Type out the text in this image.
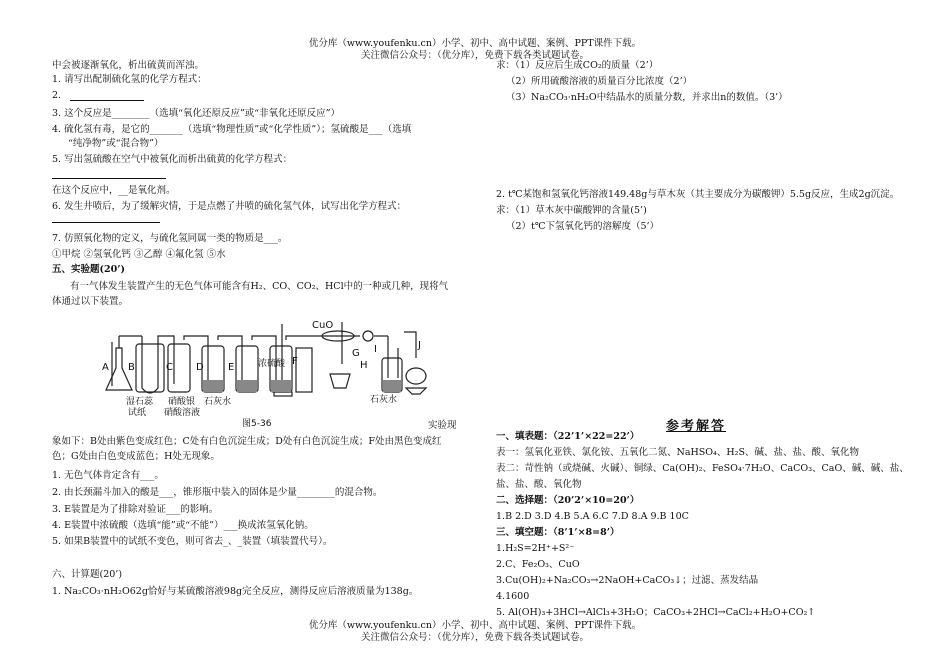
优分库（www.youfenku.cn）小学、初中、高中试题、案例、PPT课件下载。
关注微信公众号：（优分库），免费下载各类试题试卷。
中会被逐渐氧化，析出硫黄而浑浊。
1. 请写出配制硫化氢的化学方程式：
2.
3. 这个反应是________（选填“氧化还原反应”或“非氧化还原反应”）
4. 硫化氢有毒，是它的_______（选填“物理性质”或“化学性质”）；氢硫酸是___（选填
“纯净物”或“混合物”）
5. 写出氢硫酸在空气中被氧化而析出硫黄的化学方程式：
在这个反应中，__是氧化剂。
6. 发生井喷后，为了缓解灾情，于是点燃了井喷的硫化氢气体，试写出化学方程式：
7. 仿照氧化物的定义，与硫化氢同属一类的物质是___。
①甲烷 ②氢氧化钙 ③乙醇 ④氟化氢 ⑤水
五、实验题(20’)
有一气体发生装置产生的无色气体可能含有H₂、CO、CO₂、HCl中的一种或几种，现将气
体通过以下装置。
A B	C D E
F
G
H
I	J
CuO
浓硫酸
湿石蕊
试纸
硝酸银
硝酸溶液
石灰水	石灰水
图5-36	实验现
象如下：B处由紫色变成红色；C处有白色沉淀生成；D处有白色沉淀生成；F处由黑色变成红
色；G处由白色变成蓝色；H处无现象。
1. 无色气体肯定含有___。
2. 由长颈漏斗加入的酸是___，锥形瓶中装入的固体是少量________的混合物。
3. E装置是为了排除对验证___的影响。
4. E装置中浓硫酸（选填“能”或“不能”）___换成浓氢氧化钠。
5. 如果B装置中的试纸不变色，则可省去_、_装置（填装置代号）。
六、计算题(20’)
1. Na₂CO₃·nH₂O62g恰好与某硫酸溶液98g完全反应，测得反应后溶液质量为138g。
求：（1）反应后生成CO₂的质量（2’）
（2）所用硫酸溶液的质量百分比浓度（2’）
（3）Na₂CO₃·nH₂O中结晶水的质量分数，并求出n的数值。（3’）
2. t℃某饱和氢氧化钙溶液149.48g与草木灰（其主要成分为碳酸钾）5.5g反应，生成2g沉淀。
求：（1）草木灰中碳酸钾的含量(5’)
（2）t℃下氢氧化钙的溶解度（5’）
参考解答
一、填表题：（22’1’×22=22’）
表一：氢氧化亚铁、氯化铵、五氧化二氮、NaHSO₄、H₂S、碱、盐、盐、酸、氧化物
表二：苛性钠（或烧碱、火碱）、铜绿、Ca(OH)₂、FeSO₄·7H₂O、CaCO₃、CaO、碱、碱、盐、
盐、盐、酸、氧化物
二、选择题：（20’2’×10=20’）
1.B 2.D 3.D 4.B 5.A 6.C 7.D 8.A 9.B 10C
三、填空题：（8’1’×8=8’）
1.H₂S=2H⁺+S²⁻
2.C、Fe₂O₃、CuO
3.Cu(OH)₂+Na₂CO₃→2NaOH+CaCO₃↓；过滤、蒸发结晶
4.1600
5. Al(OH)₃+3HCl→AlCl₃+3H₂O；CaCO₃+2HCl→CaCl₂+H₂O+CO₂↑
优分库（www.youfenku.cn）小学、初中、高中试题、案例、PPT课件下载。
关注微信公众号：（优分库），免费下载各类试题试卷。
